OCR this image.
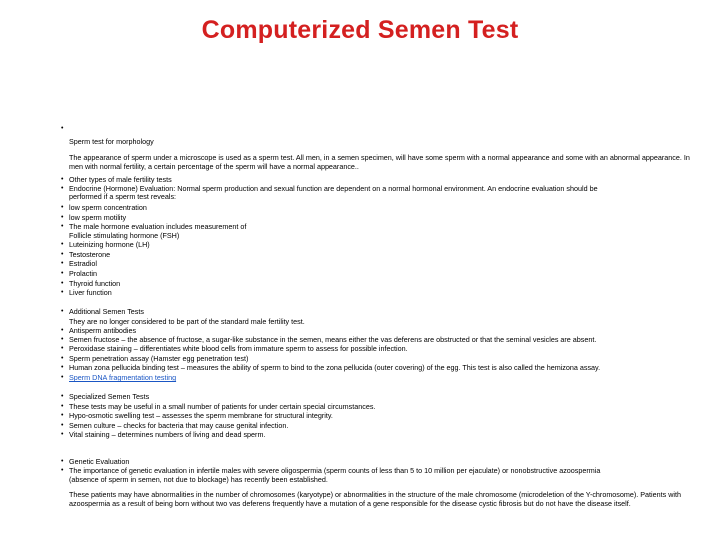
Computerized Semen Test
•
Sperm test for morphology
The appearance of sperm under a microscope is used as a sperm test. All men, in a semen specimen, will have some sperm with a normal appearance and some with an abnormal appearance. In men with normal fertility, a certain percentage of the sperm will have a normal appearance..
• Other types of male fertility tests
• Endocrine (Hormone) Evaluation: Normal sperm production and sexual function are dependent on a normal hormonal environment. An endocrine evaluation should be
performed if a sperm test reveals:
• low sperm concentration
• low sperm motility
• The male hormone evaluation includes measurement of
Follicle stimulating hormone (FSH)
• Luteinizing hormone (LH)
• Testosterone
• Estradiol
• Prolactin
• Thyroid function
• Liver function
• Additional Semen Tests
They are no longer considered to be part of the standard male fertility test.
• Antisperm antibodies
• Semen fructose – the absence of fructose, a sugar-like substance in the semen, means either the vas deferens are obstructed or that the seminal vesicles are absent.
• Peroxidase staining – differentiates white blood cells from immature sperm to assess for possible infection.
• Sperm penetration assay (Hamster egg penetration test)
• Human zona pellucida binding test – measures the ability of sperm to bind to the zona pellucida (outer covering) of the egg. This test is also called the hemizona assay.
• Sperm DNA fragmentation testing
• Specialized Semen Tests
• These tests may be useful in a small number of patients for under certain special circumstances.
• Hypo-osmotic swelling test – assesses the sperm membrane for structural integrity.
• Semen culture – checks for bacteria that may cause genital infection.
• Vital staining – determines numbers of living and dead sperm.
• Genetic Evaluation
• The importance of genetic evaluation in infertile males with severe oligospermia (sperm counts of less than 5 to 10 million per ejaculate) or nonobstructive azoospermia
(absence of sperm in semen, not due to blockage) has recently been established.
These patients may have abnormalities in the number of chromosomes (karyotype) or abnormalities in the structure of the male chromosome (microdeletion of the Y-chromosome). Patients with azoospermia as a result of being born without two vas deferens frequently have a mutation of a gene responsible for the disease cystic fibrosis but do not have the disease itself.
